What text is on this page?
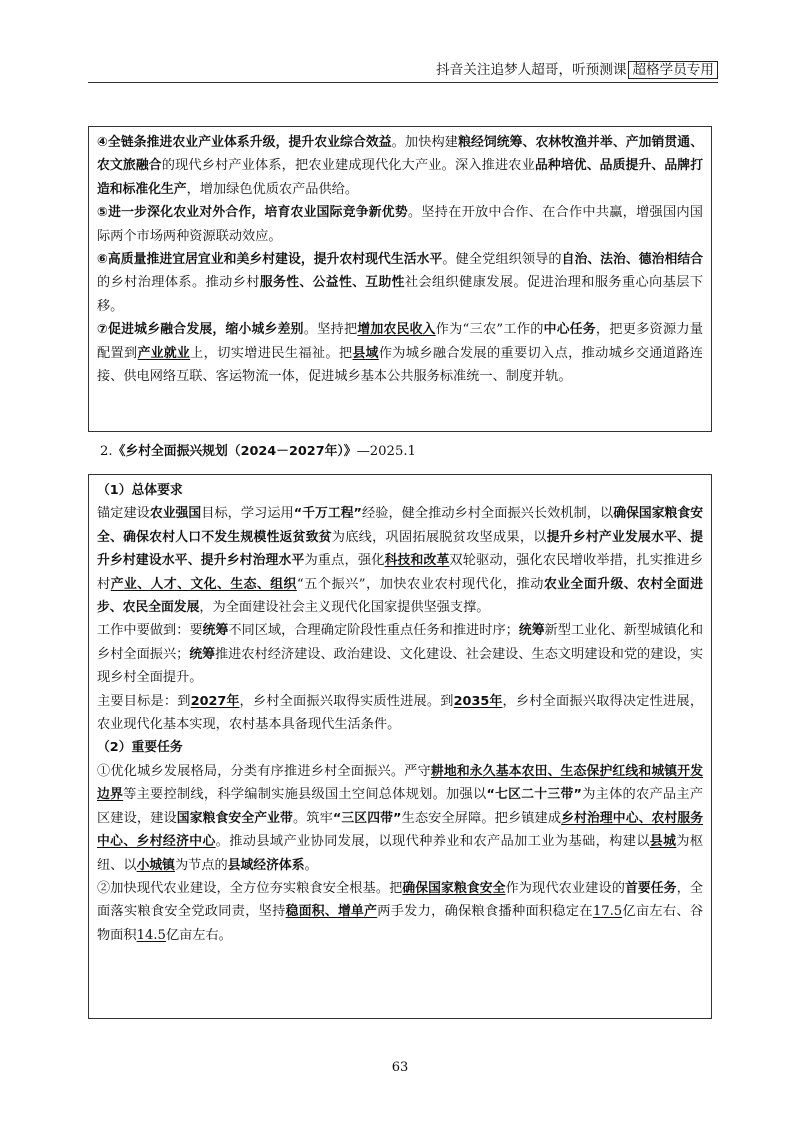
抖音关注追梦人超哥，听预测课 超格学员专用

④全链条推进农业产业体系升级，提升农业综合效益。加快构建粮经饲统筹、农林牧渔并举、产加销贯通、农文旅融合的现代乡村产业体系，把农业建成现代化大产业。深入推进农业品种培优、品质提升、品牌打造和标准化生产，增加绿色优质农产品供给。

⑤进一步深化农业对外合作，培育农业国际竞争新优势。坚持在开放中合作、在合作中共赢，增强国内国际两个市场两种资源联动效应。

⑥高质量推进宜居宜业和美乡村建设，提升农村现代生活水平。健全党组织领导的自治、法治、德治相结合的乡村治理体系。推动乡村服务性、公益性、互助性社会组织健康发展。促进治理和服务重心向基层下移。

⑦促进城乡融合发展，缩小城乡差别。坚持把增加农民收入作为“三农”工作的中心任务，把更多资源力量配置到产业就业上，切实增进民生福祉。把县域作为城乡融合发展的重要切入点，推动城乡交通道路连接、供电网络互联、客运物流一体，促进城乡基本公共服务标准统一、制度并轨。

2.《乡村全面振兴规划（2024－2027年）》—2025.1

（1）总体要求

锚定建设农业强国目标，学习运用“千万工程”经验，健全推动乡村全面振兴长效机制，以确保国家粮食安全、确保农村人口不发生规模性返贫致贫为底线，巩固拓展脱贫攻坚成果，以提升乡村产业发展水平、提升乡村建设水平、提升乡村治理水平为重点，强化科技和改革双轮驱动，强化农民增收举措，扎实推进乡村产业、人才、文化、生态、组织“五个振兴”，加快农业农村现代化，推动农业全面升级、农村全面进步、农民全面发展，为全面建设社会主义现代化国家提供坚强支撑。

工作中要做到：要统筹不同区域，合理确定阶段性重点任务和推进时序；统筹新型工业化、新型城镇化和乡村全面振兴；统筹推进农村经济建设、政治建设、文化建设、社会建设、生态文明建设和党的建设，实现乡村全面提升。

主要目标是：到2027年，乡村全面振兴取得实质性进展。到2035年，乡村全面振兴取得决定性进展，农业现代化基本实现，农村基本具备现代生活条件。

（2）重要任务

①优化城乡发展格局，分类有序推进乡村全面振兴。严守耕地和永久基本农田、生态保护红线和城镇开发边界等主要控制线，科学编制实施县级国土空间总体规划。加强以“七区二十三带”为主体的农产品主产区建设，建设国家粮食安全产业带。筑牢“三区四带”生态安全屏障。把乡镇建成乡村治理中心、农村服务中心、乡村经济中心。推动县域产业协同发展，以现代种养业和农产品加工业为基础，构建以县城为枢纽、以小城镇为节点的县域经济体系。

②加快现代农业建设，全方位夯实粮食安全根基。把确保国家粮食安全作为现代农业建设的首要任务，全面落实粮食安全党政同责，坚持稳面积、增单产两手发力，确保粮食播种面积稳定在17.5亿亩左右、谷物面积14.5亿亩左右。

63
